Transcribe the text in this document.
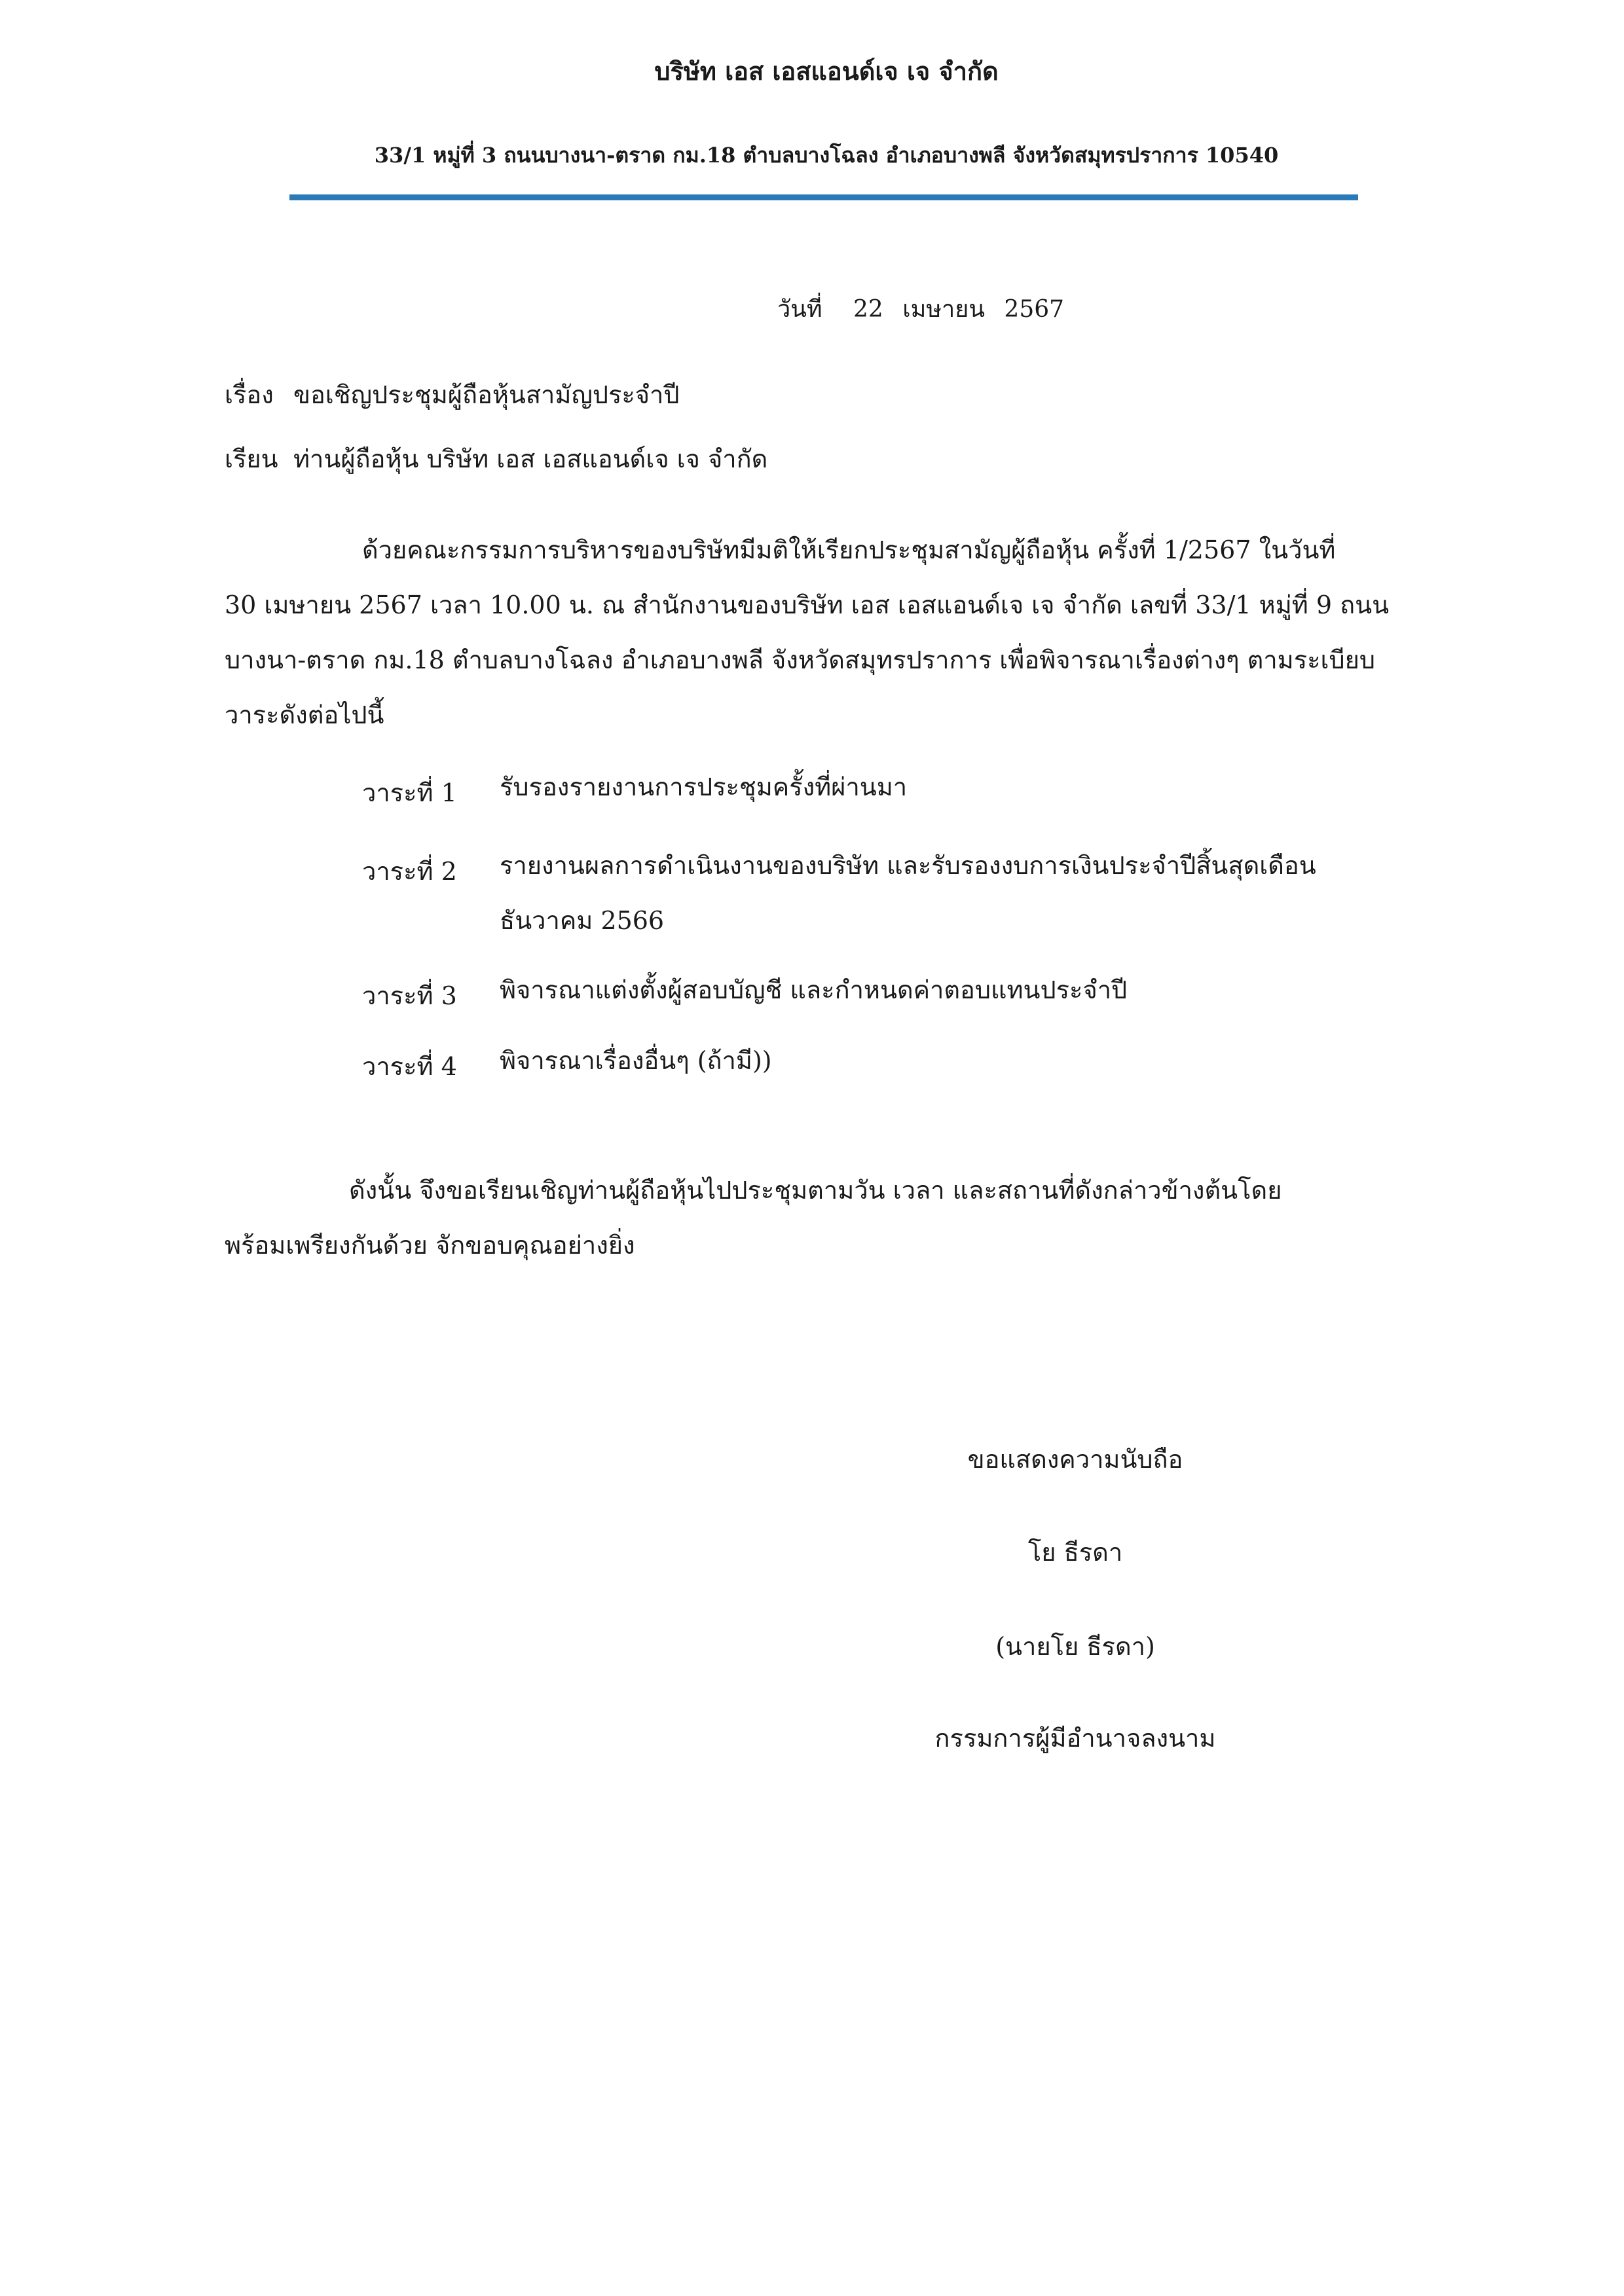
บริษัท เอส เอสแอนด์เจ เจ จำกัด
33/1 หมู่ที่ 3 ถนนบางนา-ตราด กม.18 ตำบลบางโฉลง อำเภอบางพลี จังหวัดสมุทรปราการ 10540
วันที่ 22 เมษายน 2567
เรื่อง ขอเชิญประชุมผู้ถือหุ้นสามัญประจำปี
เรียน ท่านผู้ถือหุ้น บริษัท เอส เอสแอนด์เจ เจ จำกัด
ด้วยคณะกรรมการบริหารของบริษัทมีมติให้เรียกประชุมสามัญผู้ถือหุ้น ครั้งที่ 1/2567 ในวันที่
30 เมษายน 2567 เวลา 10.00 น. ณ สำนักงานของบริษัท เอส เอสแอนด์เจ เจ จำกัด เลขที่ 33/1 หมู่ที่ 9 ถนน
บางนา-ตราด กม.18 ตำบลบางโฉลง อำเภอบางพลี จังหวัดสมุทรปราการ เพื่อพิจารณาเรื่องต่างๆ ตามระเบียบ
วาระดังต่อไปนี้
วาระที่ 1 รับรองรายงานการประชุมครั้งที่ผ่านมา
วาระที่ 2 รายงานผลการดำเนินงานของบริษัท และรับรองงบการเงินประจำปีสิ้นสุดเดือน
ธันวาคม 2566
วาระที่ 3 พิจารณาแต่งตั้งผู้สอบบัญชี และกำหนดค่าตอบแทนประจำปี
วาระที่ 4 พิจารณาเรื่องอื่นๆ (ถ้ามี))
ดังนั้น จึงขอเรียนเชิญท่านผู้ถือหุ้นไปประชุมตามวัน เวลา และสถานที่ดังกล่าวข้างต้นโดย
พร้อมเพรียงกันด้วย จักขอบคุณอย่างยิ่ง
ขอแสดงความนับถือ
โย ธีรดา
(นายโย ธีรดา)
กรรมการผู้มีอำนาจลงนาม
